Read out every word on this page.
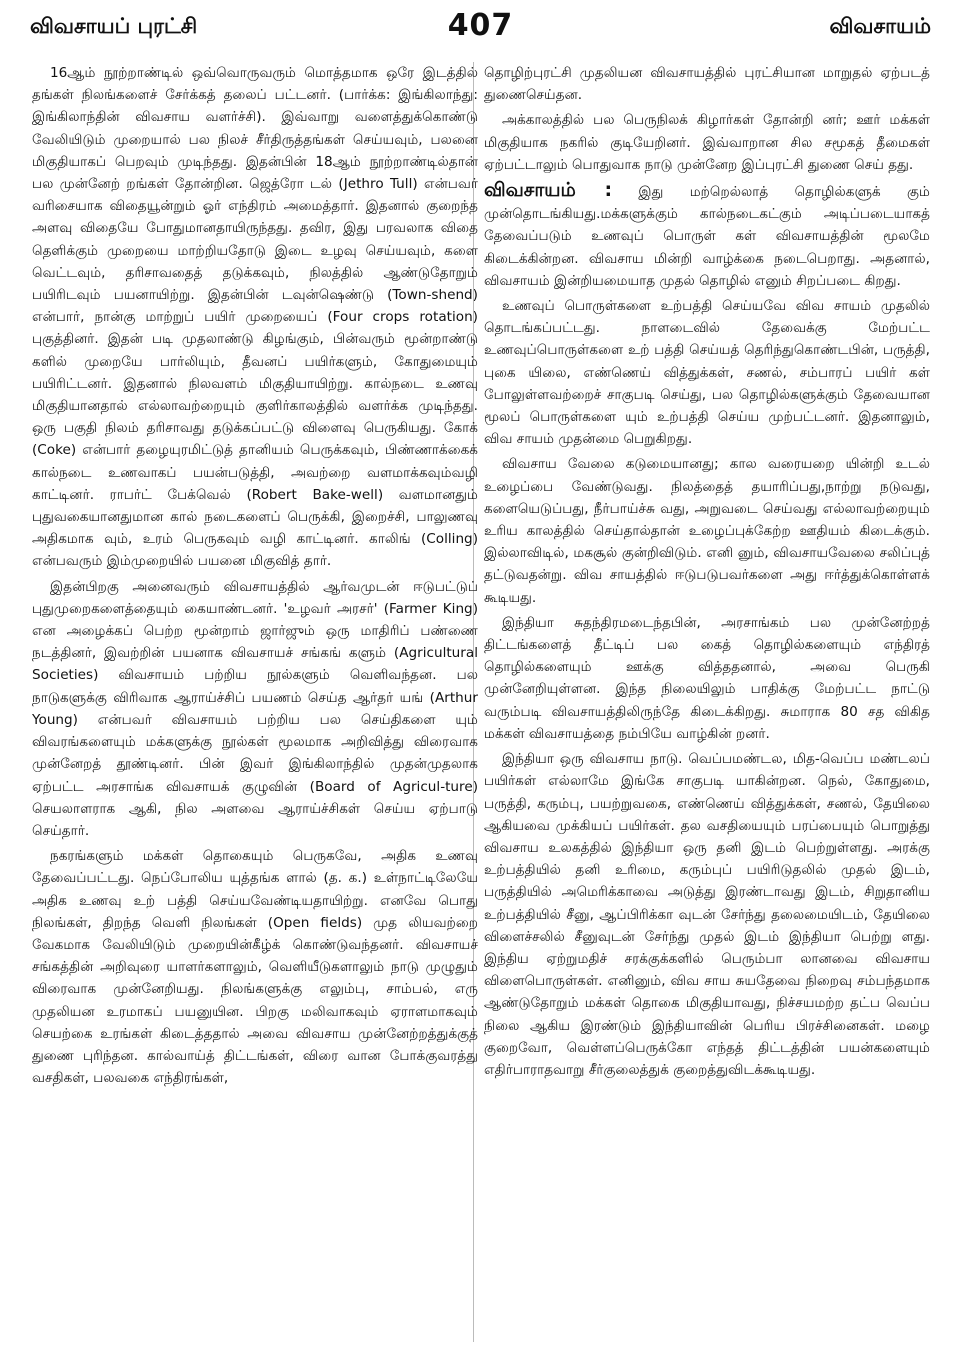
விவசாயப் புரட்சி	407	விவசாயம்

16ஆம் நூற்றாண்டில் ஒவ்வொருவரும் மொத்தமாக ஒரே இடத்தில் தங்கள் நிலங்களைச் சேர்க்கத் தலைப் பட்டனர். (பார்க்க: இங்கிலாந்து: இங்கிலாந்தின் விவசாய வளர்ச்சி). இவ்வாறு வளைத்துக்கொண்டு வேலியிடும் முறையால் பல நிலச் சீர்திருத்தங்கள் செய்யவும், பலனை மிகுதியாகப் பெறவும் முடிந்தது. இதன்பின் 18ஆம் நூற்றாண்டில்தான் பல முன்னேற் றங்கள் தோன்றின. ஜெத்ரோ டல் (Jethro Tull) என்பவர் வரிசையாக விதையூன்றும் ஓர் எந்திரம் அமைத்தார். இதனால் குறைந்த அளவு விதையே போதுமானதாயிருந்தது. தவிர, இது பரவலாக விதை தெளிக்கும் முறையை மாற்றியதோடு இடை உழவு செய்யவும், களை வெட்டவும், தரிசாவதைத் தடுக்கவும், நிலத்தில் ஆண்டுதோறும் பயிரிடவும் பயனாயிற்று. இதன்பின் டவுன்ஷெண்டு (Town-shend) என்பார், நான்கு மாற்றுப் பயிர் முறையைப் (Four crops rotation) புகுத்தினர். இதன் படி முதலாண்டு கிழங்கும், பின்வரும் மூன்றாண்டு களில் முறையே பார்லியும், தீவனப் பயிர்களும், கோதுமையும் பயிரிட்டனர். இதனால் நிலவளம் மிகுதியாயிற்று. கால்நடை உணவு மிகுதியானதால் எல்லாவற்றையும் குளிர்காலத்தில் வளர்க்க முடிந்தது. ஒரு பகுதி நிலம் தரிசாவது தடுக்கப்பட்டு விளைவு பெருகியது. கோக் (Coke) என்பார் தழையுரமிட்டுத் தானியம் பெருக்கவும், பிண்ணாக்கைக் கால்நடை உணவாகப் பயன்படுத்தி, அவற்றை வளமாக்கவும்வழி காட்டினர். ராபர்ட் பேக்வெல் (Robert Bake-well) வளமானதும் புதுவகையானதுமான கால் நடைகளைப் பெருக்கி, இறைச்சி, பாலுணவு அதிகமாக வும், உரம் பெருகவும் வழி காட்டினர். காலிங் (Colling) என்பவரும் இம்முறையில் பயனை மிகுவித் தார்.

இதன்பிறகு அனைவரும் விவசாயத்தில் ஆர்வமுடன் ஈடுபட்டுப் புதுமுறைகளைத்தையும் கையாண்டனர். 'உழவர் அரசர்' (Farmer King) என அழைக்கப் பெற்ற மூன்றாம் ஜார்ஜும் ஒரு மாதிரிப் பண்ணை நடத்தினர், இவற்றின் பயனாக விவசாயச் சங்கங் களும் (Agricultural Societies) விவசாயம் பற்றிய நூல்களும் வெளிவந்தன. பல நாடுகளுக்கு விரிவாக ஆராய்ச்சிப் பயணம் செய்த ஆர்தர் யங் (Arthur Young) என்பவர் விவசாயம் பற்றிய பல செய்திகளை யும் விவரங்களையும் மக்களுக்கு நூல்கள் மூலமாக அறிவித்து விரைவாக முன்னேறத் தூண்டினர். பின் இவர் இங்கிலாந்தில் முதன்முதலாக ஏற்பட்ட அரசாங்க விவசாயக் குழுவின் (Board of Agricul-ture) செயலாளராக ஆகி, நில அளவை ஆராய்ச்சிகள் செய்ய ஏற்பாடு செய்தார்.

நகரங்களும் மக்கள் தொகையும் பெருகவே, அதிக உணவு தேவைப்பட்டது. நெப்போலிய யுத்தங்க ளால் (த. க.) உள்நாட்டிலேயே அதிக உணவு உற் பத்தி செய்யவேண்டியதாயிற்று. எனவே பொது நிலங்கள், திறந்த வெளி நிலங்கள் (Open fields) முத லியவற்றை வேகமாக வேலியிடும் முறையின்கீழ்க் கொண்டுவந்தனர். விவசாயச் சங்கத்தின் அறிவுரை யாளர்களாலும், வெளியீடுகளாலும் நாடு முழுதும் விரைவாக முன்னேறியது. நிலங்களுக்கு எலும்பு, சாம்பல், எரு முதலியன உரமாகப் பயனுயின. பிறகு மலிவாகவும் ஏராளமாகவும் செயற்கை உரங்கள் கிடைத்ததால் அவை விவசாய முன்னேற்றத்துக்குத் துணை புரிந்தன. கால்வாய்த் திட்டங்கள், விரை வான போக்குவரத்து வசதிகள், பலவகை எந்திரங்கள்,

தொழிற்புரட்சி முதலியன விவசாயத்தில் புரட்சியான மாறுதல் ஏற்படத் துணைசெய்தன.

அக்காலத்தில் பல பெருநிலக் கிழார்கள் தோன்றி னர்; ஊர் மக்கள் மிகுதியாக நகரில் குடியேறினர். இவ்வாறான சில சமூகத் தீமைகள் ஏற்பட்டாலும் பொதுவாக நாடு முன்னேற இப்புரட்சி துணை செய் தது.

விவசாயம் : இது மற்றெல்லாத் தொழில்களுக் கும் முன்தொடங்கியது.மக்களுக்கும் கால்நடைகட்கும் அடிப்படையாகத் தேவைப்படும் உணவுப் பொருள் கள் விவசாயத்தின் மூலமே கிடைக்கின்றன. விவசாய மின்றி வாழ்க்கை நடைபெறாது. அதனால், விவசாயம் இன்றியமையாத முதல் தொழில் எனும் சிறப்படை கிறது.

உணவுப் பொருள்களை உற்பத்தி செய்யவே விவ சாயம் முதலில் தொடங்கப்பட்டது. நாளடைவில் தேவைக்கு மேற்பட்ட உணவுப்பொருள்களை உற் பத்தி செய்யத் தெரிந்துகொண்டபின், பருத்தி, புகை யிலை, எண்ணெய் வித்துக்கள், சணல், சம்பாரப் பயிர் கள் போலுள்ளவற்றைச் சாகுபடி செய்து, பல தொழில்களுக்கும் தேவையான மூலப் பொருள்களை யும் உற்பத்தி செய்ய முற்பட்டனர். இதனாலும், விவ சாயம் முதன்மை பெறுகிறது.

விவசாய வேலை கடுமையானது; கால வரையறை யின்றி உடல் உழைப்பை வேண்டுவது. நிலத்தைத் தயாரிப்பது,நாற்று நடுவது, களையெடுப்பது, நீர்பாய்ச்சு வது, அறுவடை செய்வது எல்லாவற்றையும் உரிய காலத்தில் செய்தால்தான் உழைப்புக்கேற்ற ஊதியம் கிடைக்கும். இல்லாவிடில், மகசூல் குன்றிவிடும். எனி னும், விவசாயவேலை சலிப்புத் தட்டுவதன்று. விவ சாயத்தில் ஈடுபடுபவர்களை அது ஈர்த்துக்கொள்ளக் கூடியது.

இந்தியா சுதந்திரமடைந்தபின், அரசாங்கம் பல முன்னேற்றத் திட்டங்களைத் தீட்டிப் பல கைத் தொழில்களையும் எந்திரத் தொழில்களையும் ஊக்கு வித்ததனால், அவை பெருகி முன்னேறியுள்ளன. இந்த நிலையிலும் பாதிக்கு மேற்பட்ட நாட்டு வரும்படி விவசாயத்திலிருந்தே கிடைக்கிறது. சுமாராக 80 சத விகித மக்கள் விவசாயத்தை நம்பியே வாழ்கின் றனர்.

இந்தியா ஒரு விவசாய நாடு. வெப்பமண்டல, மித-வெப்ப மண்டலப் பயிர்கள் எல்லாமே இங்கே சாகுபடி யாகின்றன. நெல், கோதுமை, பருத்தி, கரும்பு, பயற்றுவகை, எண்ணெய் வித்துக்கள், சணல், தேயிலை ஆகியவை முக்கியப் பயிர்கள். தல வசதியையும் பரப்பையும் பொறுத்து விவசாய உலகத்தில் இந்தியா ஒரு தனி இடம் பெற்றுள்ளது. அரக்கு உற்பத்தியில் தனி உரிமை, கரும்புப் பயிரிடுதலில் முதல் இடம், பருத்தியில் அமெரிக்காவை அடுத்து இரண்டாவது இடம், சிறுதானிய உற்பத்தியில் சீனு, ஆப்பிரிக்கா வுடன் சேர்ந்து தலைமையிடம், தேயிலை விளைச்சலில் சீனுவுடன் சேர்ந்து முதல் இடம் இந்தியா பெற்று ளது. இந்திய ஏற்றுமதிச் சரக்குக்களில் பெரும்பா லானவை விவசாய விளைபொருள்கள். எனினும், விவ சாய சுயதேவை நிறைவு சம்பந்தமாக ஆண்டுதோறும் மக்கள் தொகை மிகுதியாவது, நிச்சயமற்ற தட்ப வெப்ப நிலை ஆகிய இரண்டும் இந்தியாவின் பெரிய பிரச்சினைகள். மழை குறைவோ, வெள்ளப்பெருக்கோ எந்தத் திட்டத்தின் பயன்களையும் எதிர்பாராதவாறு சீர்குலைத்துக் குறைத்துவிடக்கூடியது.
